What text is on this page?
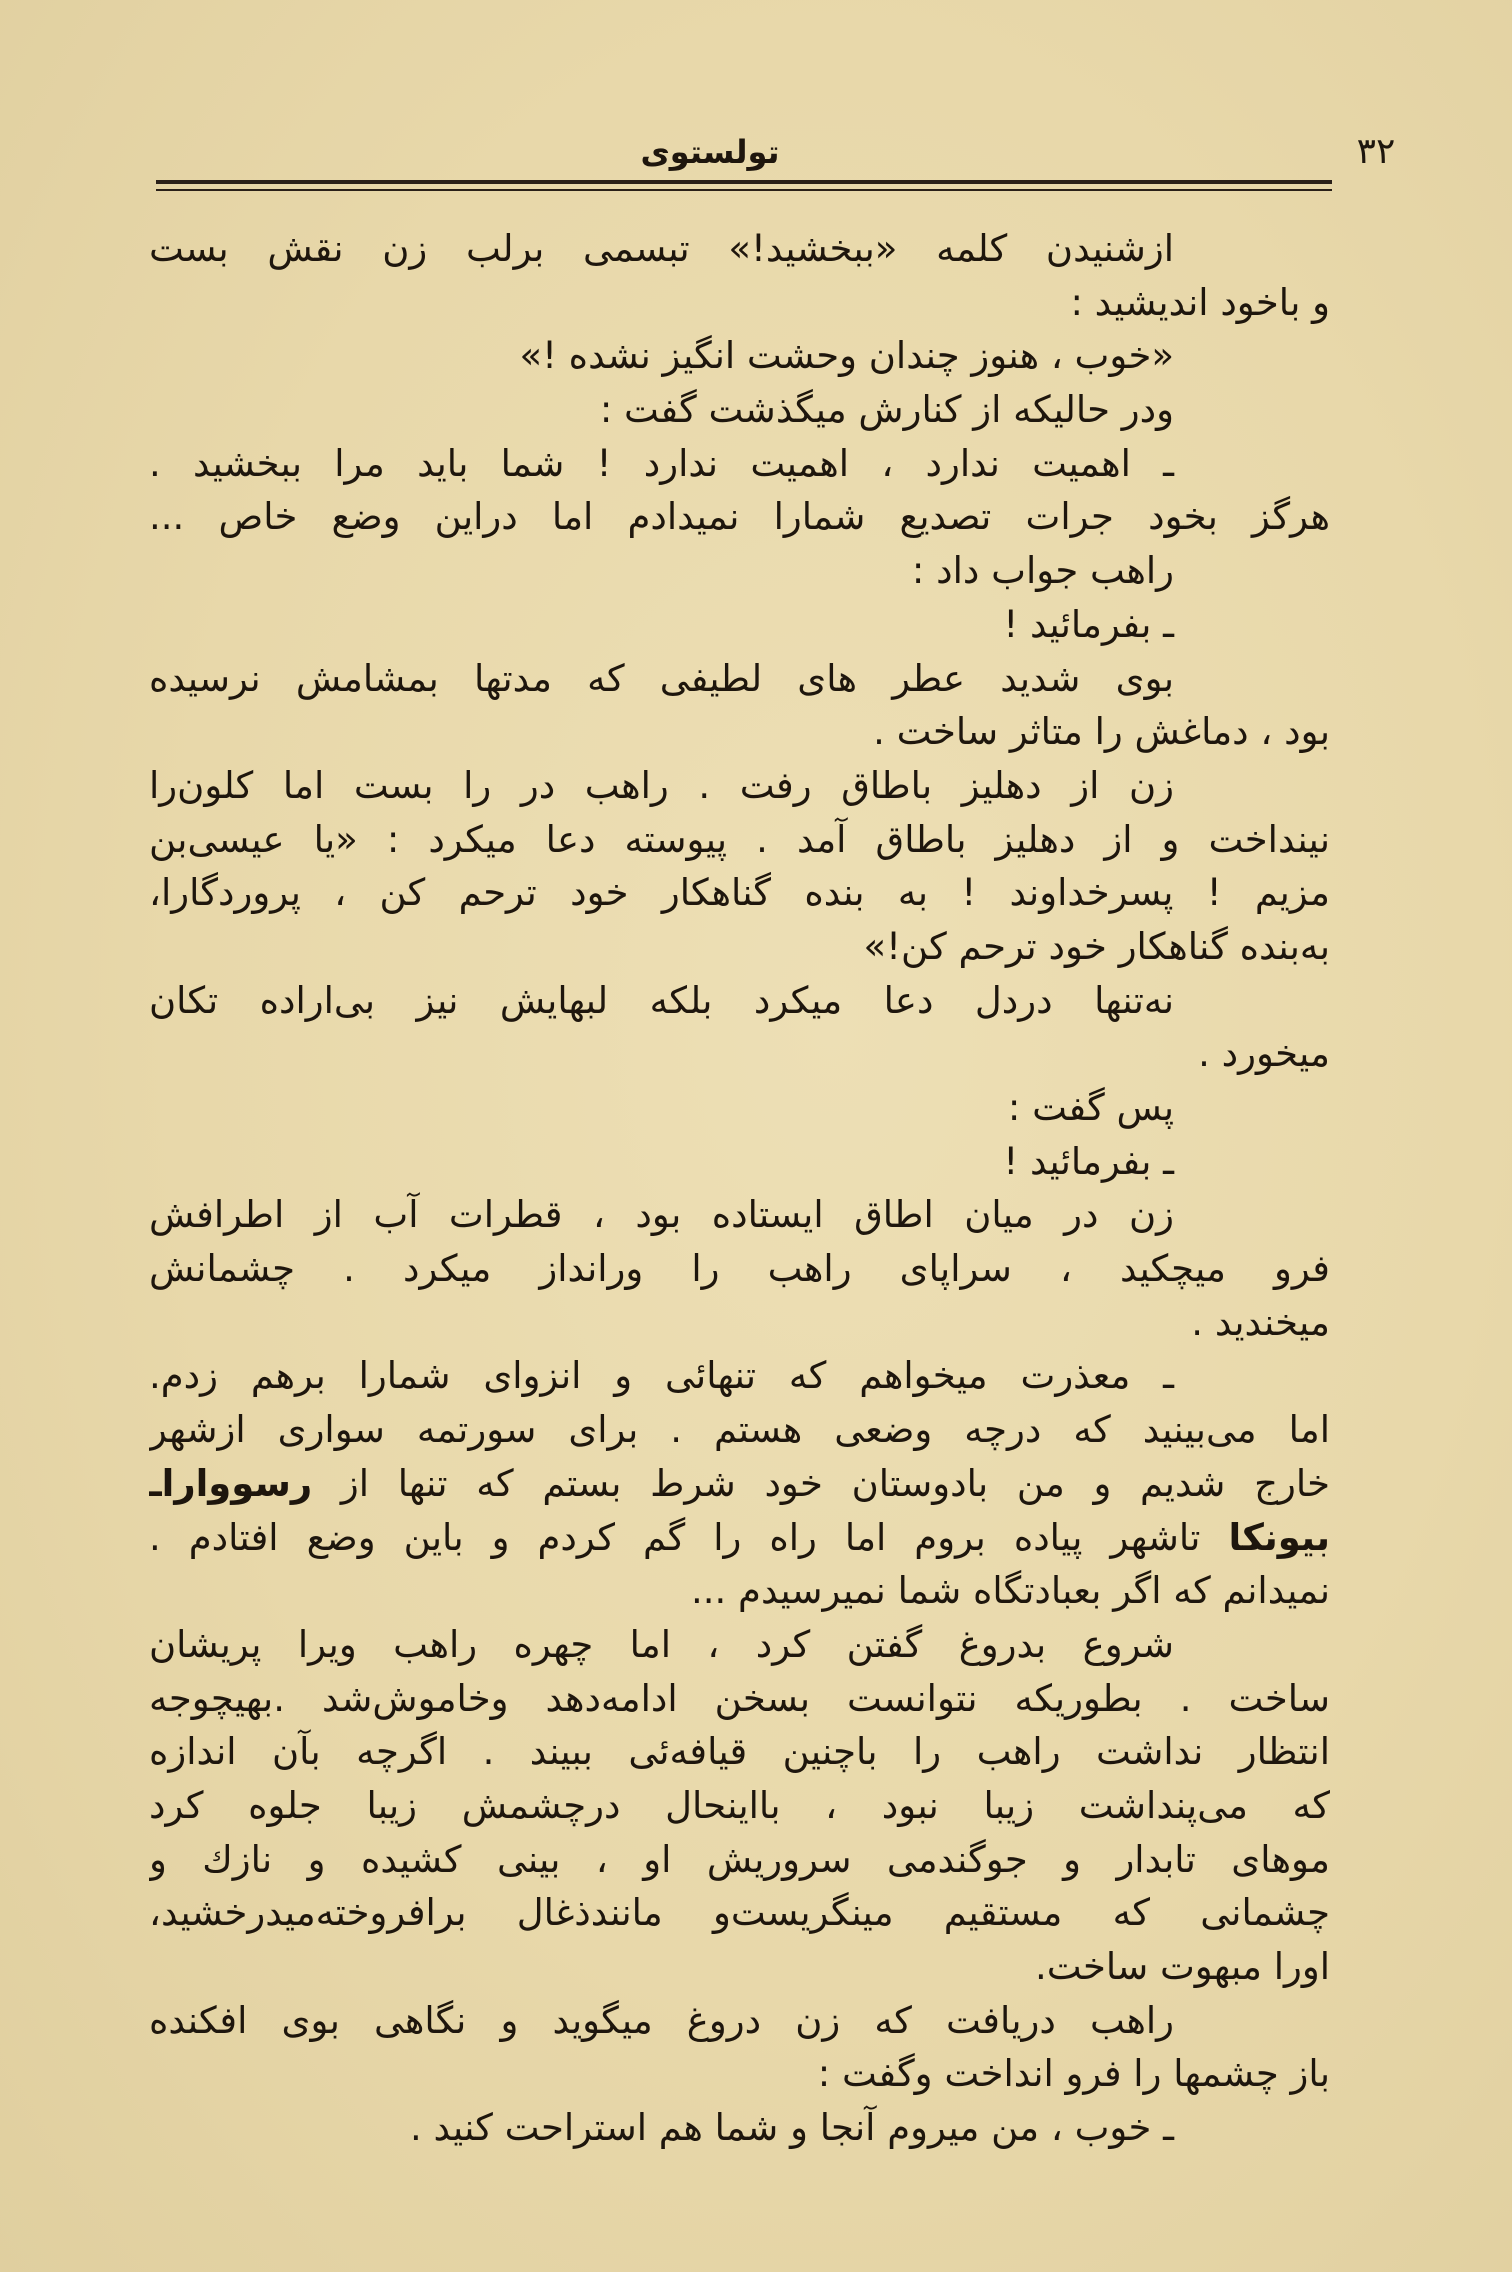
۳۲
تولستوی
ازشنیدن کلمه «ببخشید!» تبسمی برلب زن نقش بست
و باخود اندیشید :
«خوب ، هنوز چندان وحشت انگیز نشده !»
ودر حالیکه از کنارش میگذشت گفت :
ـ اهمیت ندارد ، اهمیت ندارد ! شما باید مرا ببخشید .
هرگز بخود جرات تصدیع شمارا نمیدادم اما دراین وضع خاص ...
راهب جواب داد :
ـ بفرمائید !
بوی شدید عطر های لطیفی که مدتها بمشامش نرسیده
بود ، دماغش را متاثر ساخت .
زن از دهلیز باطاق رفت . راهب در را بست اما کلون‌را
نینداخت و از دهلیز باطاق آمد . پیوسته دعا میکرد : «یا عیسی‌بن
مزیم ! پسرخداوند ! به بنده گناهکار خود ترحم کن ، پروردگارا،
به‌بنده گناهکار خود ترحم کن!»
نه‌تنها دردل دعا میکرد بلکه لبهایش نیز بی‌اراده تکان
میخورد .
پس گفت :
ـ بفرمائید !
زن در میان اطاق ایستاده بود ، قطرات آب از اطرافش
فرو میچکید ، سراپای راهب را ورانداز میکرد . چشمانش
میخندید .
ـ معذرت میخواهم که تنهائی و انزوای شمارا برهم زدم.
اما می‌بینید که درچه وضعی هستم . برای سورتمه سواری ازشهر
خارج شدیم و من بادوستان خود شرط بستم که تنها از رسوواراـ
بیونکا تاشهر پیاده بروم اما راه را گم کردم و باین وضع افتادم .
نمیدانم که اگر بعبادتگاه شما نمیرسیدم ...
شروع بدروغ گفتن کرد ، اما چهره راهب ویرا پریشان
ساخت . بطوریکه نتوانست بسخن ادامه‌دهد وخاموش‌شد .بهیچوجه
انتظار نداشت راهب را باچنین قیافه‌ئی ببیند . اگرچه بآن اندازه
که می‌پنداشت زیبا نبود ، بااینحال درچشمش زیبا جلوه کرد
موهای تابدار و جوگندمی سروریش او ، بینی کشیده و نازك و
چشمانی که مستقیم مینگریست‌و مانندذغال برافروخته‌میدرخشید،
اورا مبهوت ساخت.
راهب دریافت که زن دروغ میگوید و نگاهی بوی افکنده
باز چشمها را فرو انداخت وگفت :
ـ خوب ، من میروم آنجا و شما هم استراحت کنید .
